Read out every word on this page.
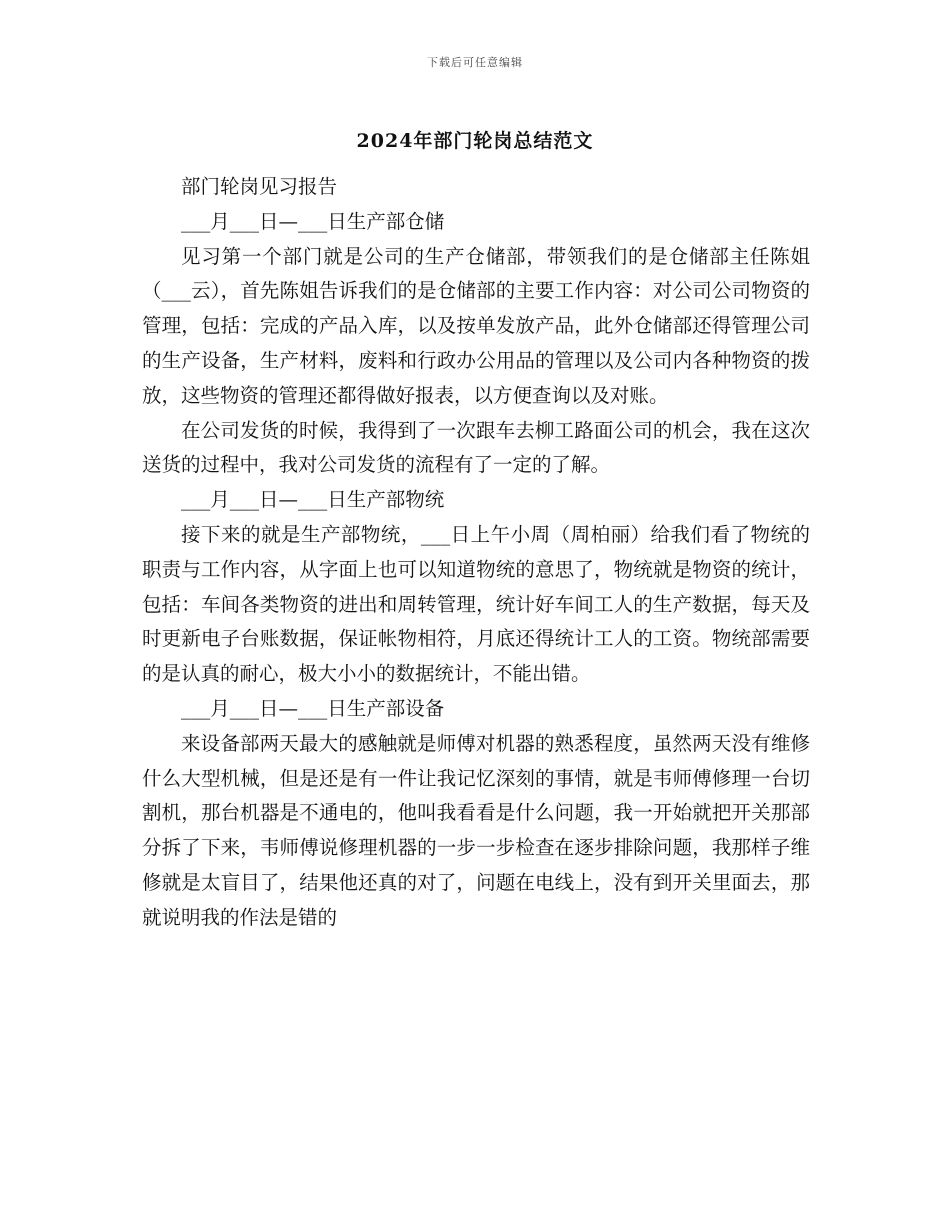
下载后可任意编辑
2024年部门轮岗总结范文

部门轮岗见习报告

___月___日—___日生产部仓储

见习第一个部门就是公司的生产仓储部，带领我们的是仓储部主任陈姐（___云），首先陈姐告诉我们的是仓储部的主要工作内容：对公司公司物资的管理，包括：完成的产品入库，以及按单发放产品，此外仓储部还得管理公司的生产设备，生产材料，废料和行政办公用品的管理以及公司内各种物资的拨放，这些物资的管理还都得做好报表，以方便查询以及对账。

在公司发货的时候，我得到了一次跟车去柳工路面公司的机会，我在这次送货的过程中，我对公司发货的流程有了一定的了解。

___月___日—___日生产部物统

接下来的就是生产部物统，___日上午小周（周柏丽）给我们看了物统的职责与工作内容，从字面上也可以知道物统的意思了，物统就是物资的统计，包括：车间各类物资的进出和周转管理，统计好车间工人的生产数据，每天及时更新电子台账数据，保证帐物相符，月底还得统计工人的工资。物统部需要的是认真的耐心，极大小小的数据统计，不能出错。

___月___日—___日生产部设备

来设备部两天最大的感触就是师傅对机器的熟悉程度，虽然两天没有维修什么大型机械，但是还是有一件让我记忆深刻的事情，就是韦师傅修理一台切割机，那台机器是不通电的，他叫我看看是什么问题，我一开始就把开关那部分拆了下来，韦师傅说修理机器的一步一步检查在逐步排除问题，我那样子维修就是太盲目了，结果他还真的对了，问题在电线上，没有到开关里面去，那就说明我的作法是错的
